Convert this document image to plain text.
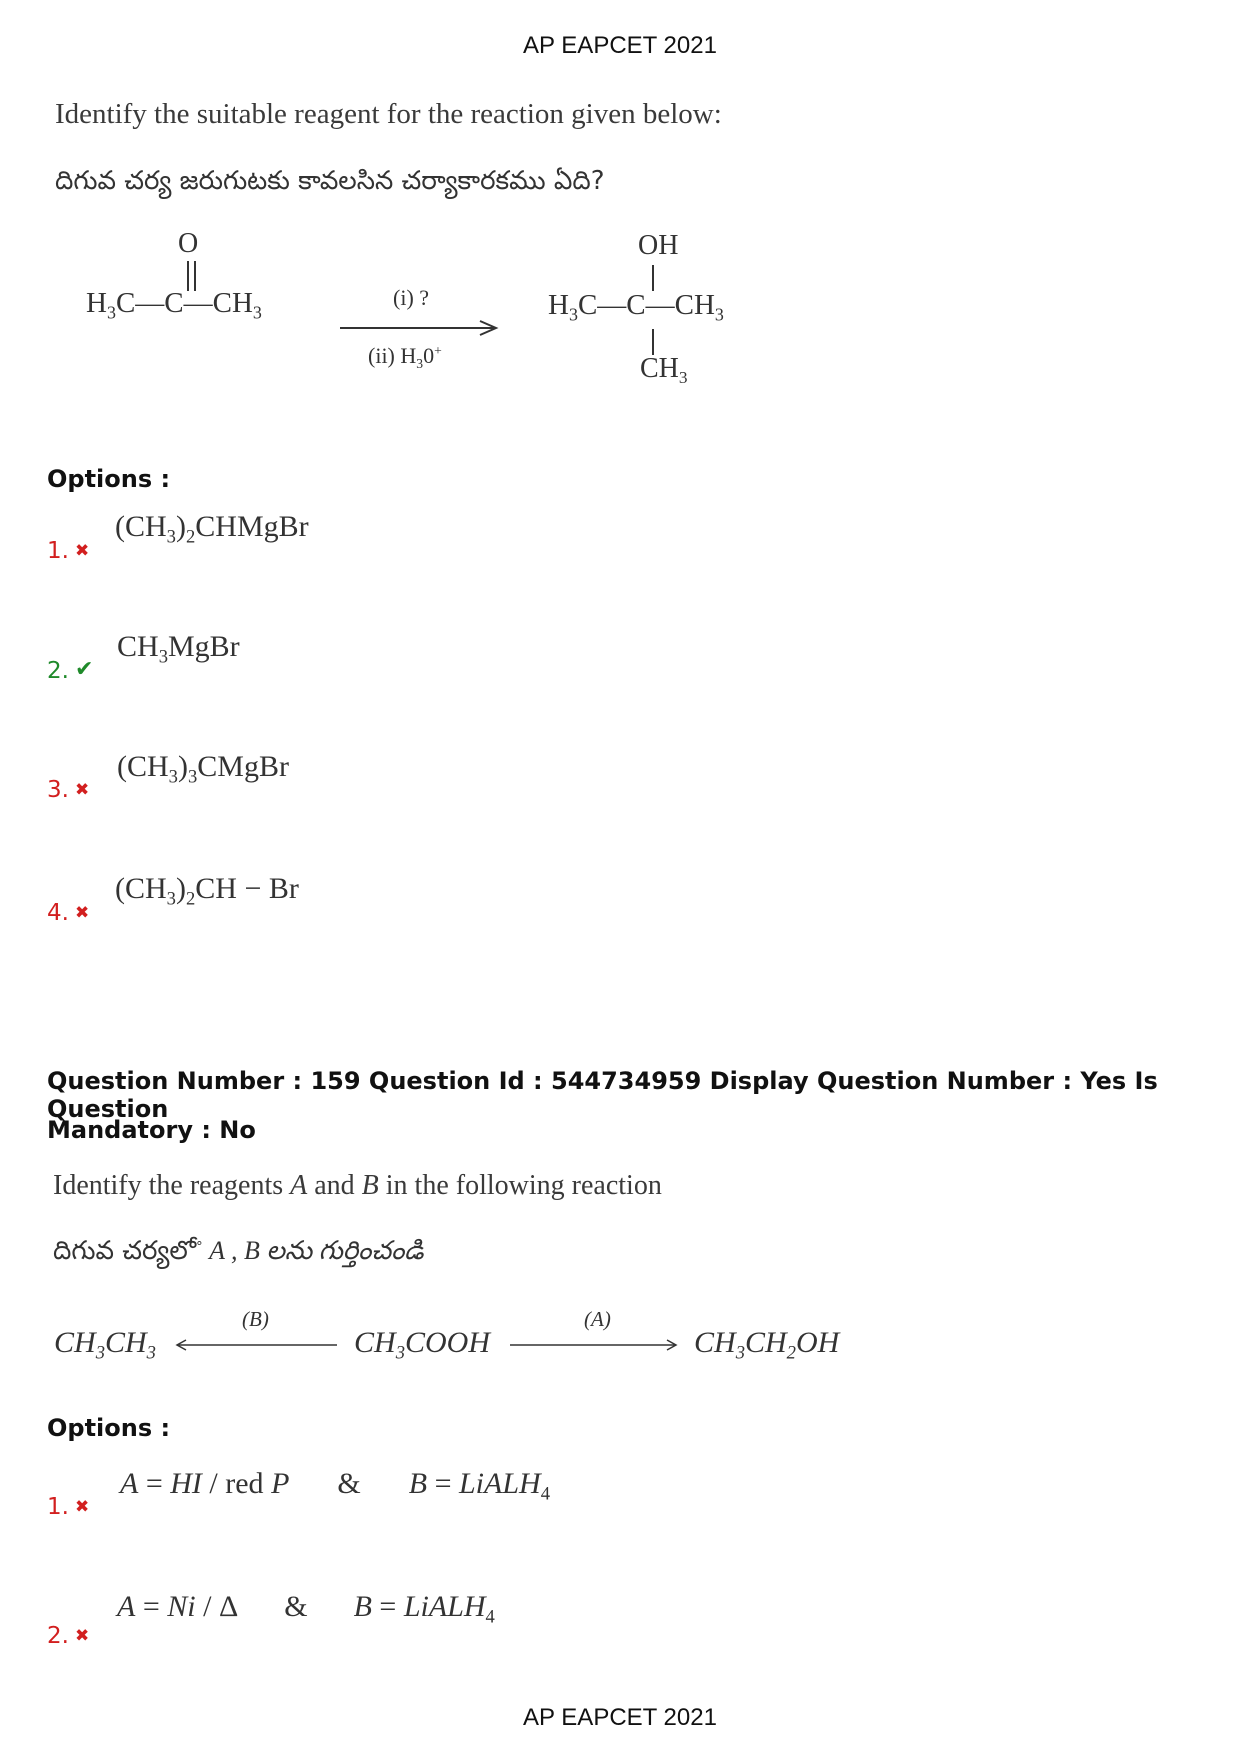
AP EAPCET 2021
Identify the suitable reagent for the reaction given below:
దిగువ చర్య జరుగుటకు కావలసిన చర్యాకారకము ఏది?
O
$H_3C—C—CH_3$
(i) ?
(ii) $H_30^+$
OH
$H_3C—C—CH_3$
$CH_3$
Options :
1. ✖
$(CH_3)_2CHMgBr$
2. ✔
$CH_3MgBr$
3. ✖
$(CH_3)_3CMgBr$
4. ✖
$(CH_3)_2CH - Br$
Question Number : 159 Question Id : 544734959 Display Question Number : Yes Is Question
Mandatory : No
Identify the reagents A and B in the following reaction
దిగువ చర్యలో° A , B లను గుర్తించండి
$CH_3CH_3$
(B)
$CH_3COOH$
(A)
$CH_3CH_2OH$
Options :
1. ✖
A = HI / red P & B = LiALH$_4$
2. ✖
A = Ni / Δ & B = LiALH$_4$
AP EAPCET 2021
